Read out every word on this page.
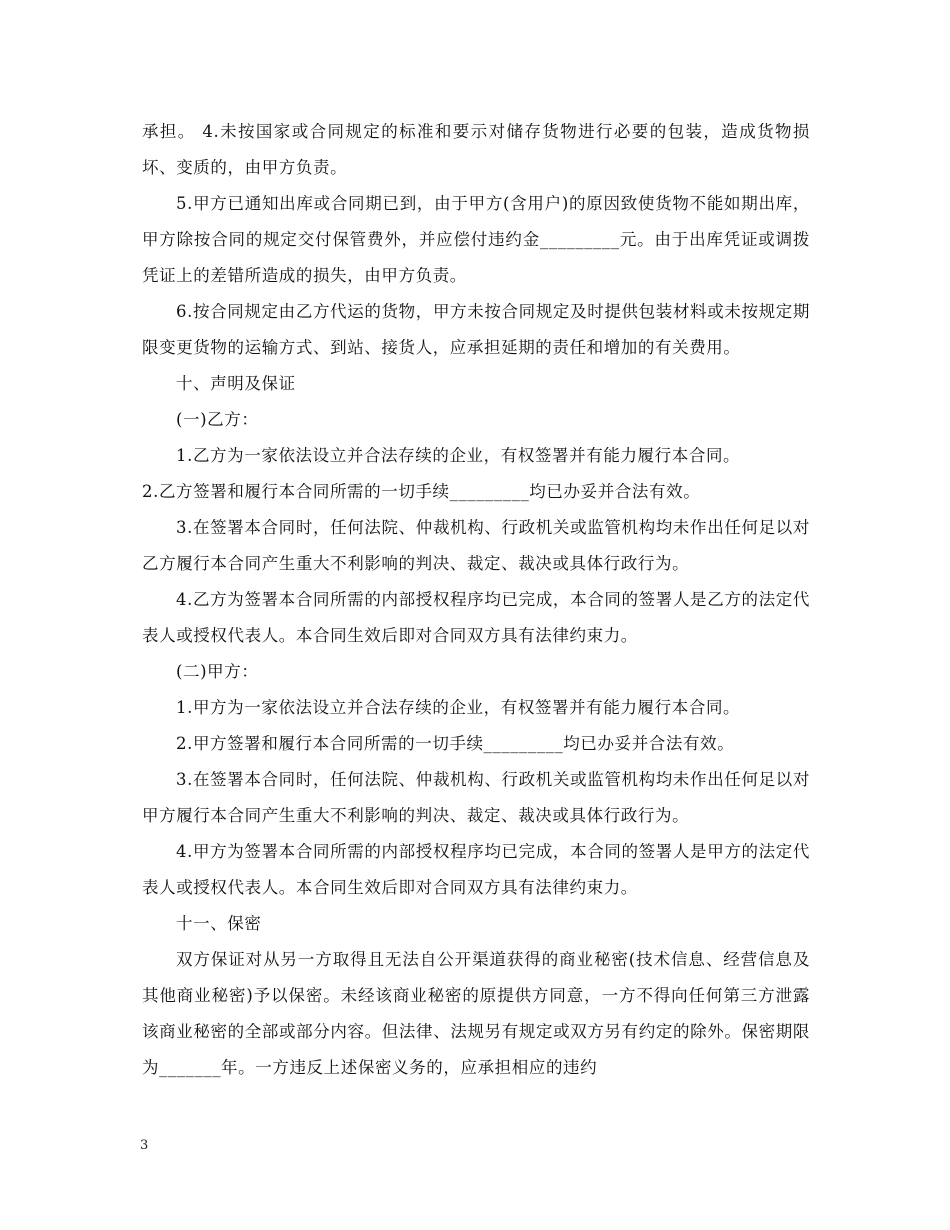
承担。 4.未按国家或合同规定的标准和要示对储存货物进行必要的包装，造成货物损坏、变质的，由甲方负责。

5.甲方已通知出库或合同期已到，由于甲方(含用户)的原因致使货物不能如期出库，甲方除按合同的规定交付保管费外，并应偿付违约金_________元。由于出库凭证或调拨凭证上的差错所造成的损失，由甲方负责。

6.按合同规定由乙方代运的货物，甲方未按合同规定及时提供包装材料或未按规定期限变更货物的运输方式、到站、接货人，应承担延期的责任和增加的有关费用。

十、声明及保证

(一)乙方：

1.乙方为一家依法设立并合法存续的企业，有权签署并有能力履行本合同。

2.乙方签署和履行本合同所需的一切手续_________均已办妥并合法有效。

3.在签署本合同时，任何法院、仲裁机构、行政机关或监管机构均未作出任何足以对乙方履行本合同产生重大不利影响的判决、裁定、裁决或具体行政行为。

4.乙方为签署本合同所需的内部授权程序均已完成，本合同的签署人是乙方的法定代表人或授权代表人。本合同生效后即对合同双方具有法律约束力。

(二)甲方：

1.甲方为一家依法设立并合法存续的企业，有权签署并有能力履行本合同。

2.甲方签署和履行本合同所需的一切手续_________均已办妥并合法有效。

3.在签署本合同时，任何法院、仲裁机构、行政机关或监管机构均未作出任何足以对甲方履行本合同产生重大不利影响的判决、裁定、裁决或具体行政行为。

4.甲方为签署本合同所需的内部授权程序均已完成，本合同的签署人是甲方的法定代表人或授权代表人。本合同生效后即对合同双方具有法律约束力。

十一、保密

双方保证对从另一方取得且无法自公开渠道获得的商业秘密(技术信息、经营信息及其他商业秘密)予以保密。未经该商业秘密的原提供方同意，一方不得向任何第三方泄露该商业秘密的全部或部分内容。但法律、法规另有规定或双方另有约定的除外。保密期限为_______年。一方违反上述保密义务的，应承担相应的违约

3
